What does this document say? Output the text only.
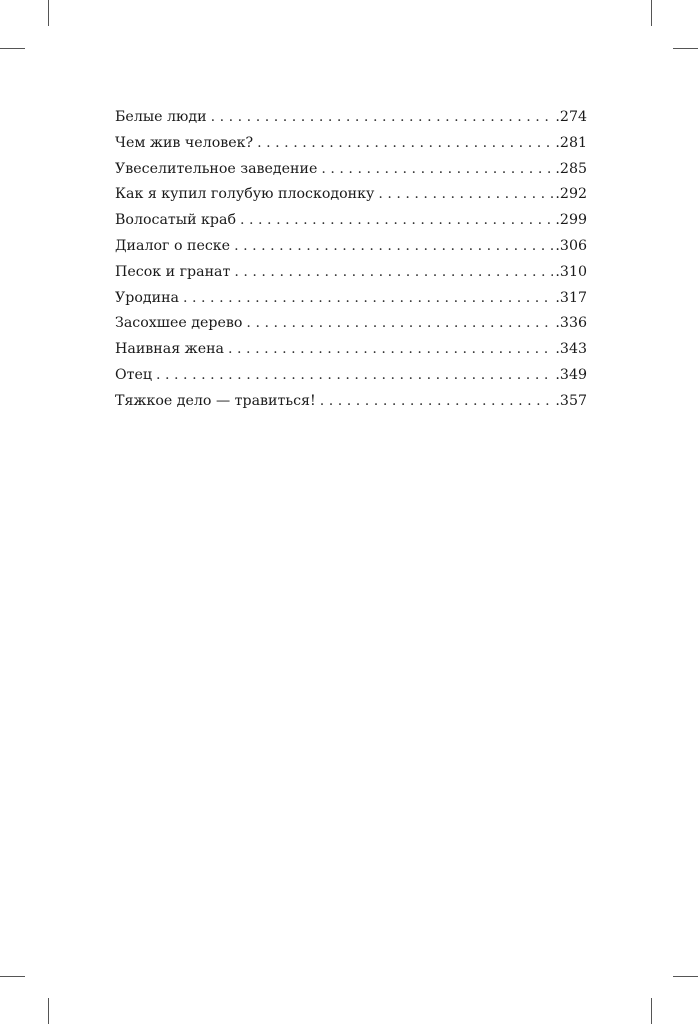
Белые люди . . .	.274
Чем жив человек? . . .	.281
Увеселительное заведение . . .	.285
Как я купил голубую плоскодонку . . .	.292
Волосатый краб . . .	.299
Диалог о песке . . .	.306
Песок и гранат . . .	.310
Уродина . . .	.317
Засохшее дерево . . .	.336
Наивная жена . . .	.343
Отец . . .	.349
Тяжкое дело — травиться! . . .	.357
